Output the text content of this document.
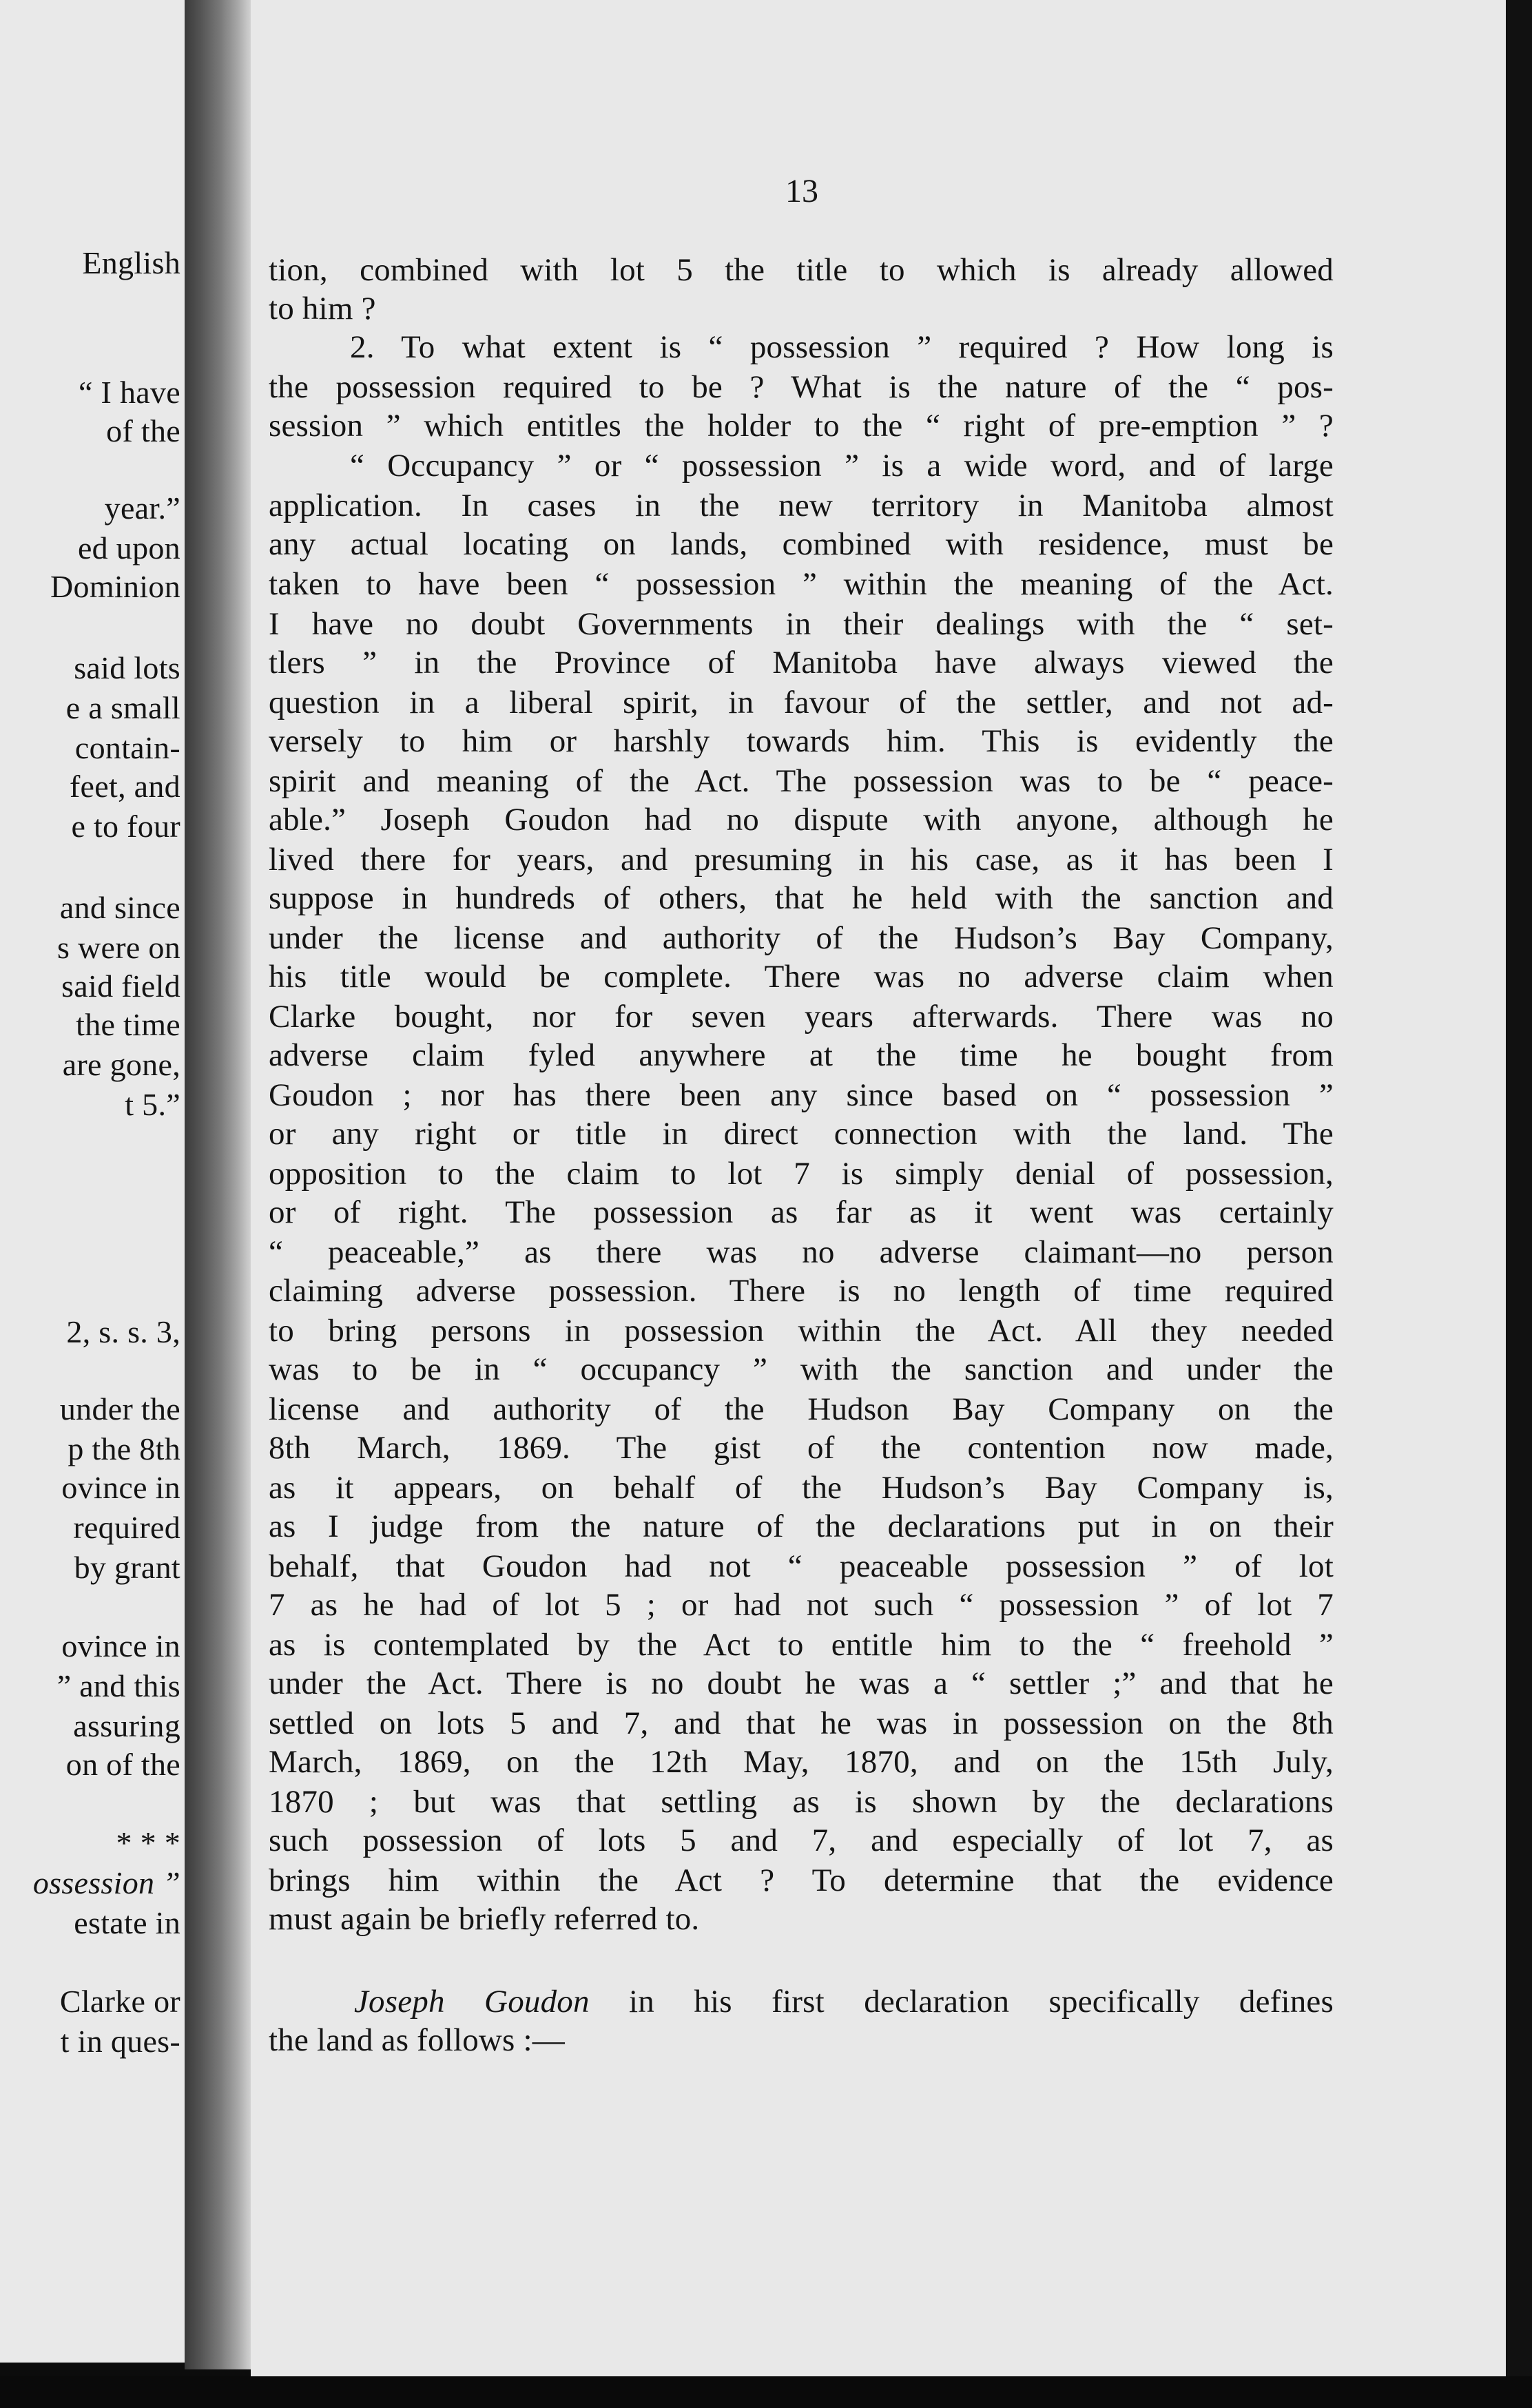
English
“ I have
of the
year.”
ed upon
Dominion
said lots
e a small
contain-
feet, and
e to four
and since
s were on
said field
the time
are gone,
t 5.”
2, s. s. 3,
under the
p the 8th
ovince in
required
by grant
ovince in
” and this
assuring
on of the
* * *
ossession ”
estate in
Clarke or
t in ques-
13
tion, combined with lot 5 the title to which is already allowed
to him ?
2. To what extent is “ possession ” required ? How long is
the possession required to be ? What is the nature of the “ pos-
session ” which entitles the holder to the “ right of pre-emption ” ?
“ Occupancy ” or “ possession ” is a wide word, and of large
application. In cases in the new territory in Manitoba almost
any actual locating on lands, combined with residence, must be
taken to have been “ possession ” within the meaning of the Act.
I have no doubt Governments in their dealings with the “ set-
tlers ” in the Province of Manitoba have always viewed the
question in a liberal spirit, in favour of the settler, and not ad-
versely to him or harshly towards him. This is evidently the
spirit and meaning of the Act. The possession was to be “ peace-
able.” Joseph Goudon had no dispute with anyone, although he
lived there for years, and presuming in his case, as it has been I
suppose in hundreds of others, that he held with the sanction and
under the license and authority of the Hudson’s Bay Company,
his title would be complete. There was no adverse claim when
Clarke bought, nor for seven years afterwards. There was no
adverse claim fyled anywhere at the time he bought from
Goudon ; nor has there been any since based on “ possession ”
or any right or title in direct connection with the land. The
opposition to the claim to lot 7 is simply denial of possession,
or of right. The possession as far as it went was certainly
“ peaceable,” as there was no adverse claimant—no person
claiming adverse possession. There is no length of time required
to bring persons in possession within the Act. All they needed
was to be in “ occupancy ” with the sanction and under the
license and authority of the Hudson Bay Company on the
8th March, 1869. The gist of the contention now made,
as it appears, on behalf of the Hudson’s Bay Company is,
as I judge from the nature of the declarations put in on their
behalf, that Goudon had not “ peaceable possession ” of lot
7 as he had of lot 5 ; or had not such “ possession ” of lot 7
as is contemplated by the Act to entitle him to the “ freehold ”
under the Act. There is no doubt he was a “ settler ;” and that he
settled on lots 5 and 7, and that he was in possession on the 8th
March, 1869, on the 12th May, 1870, and on the 15th July,
1870 ; but was that settling as is shown by the declarations
such possession of lots 5 and 7, and especially of lot 7, as
brings him within the Act ? To determine that the evidence
must again be briefly referred to.
Joseph Goudon in his first declaration specifically defines
the land as follows :—
